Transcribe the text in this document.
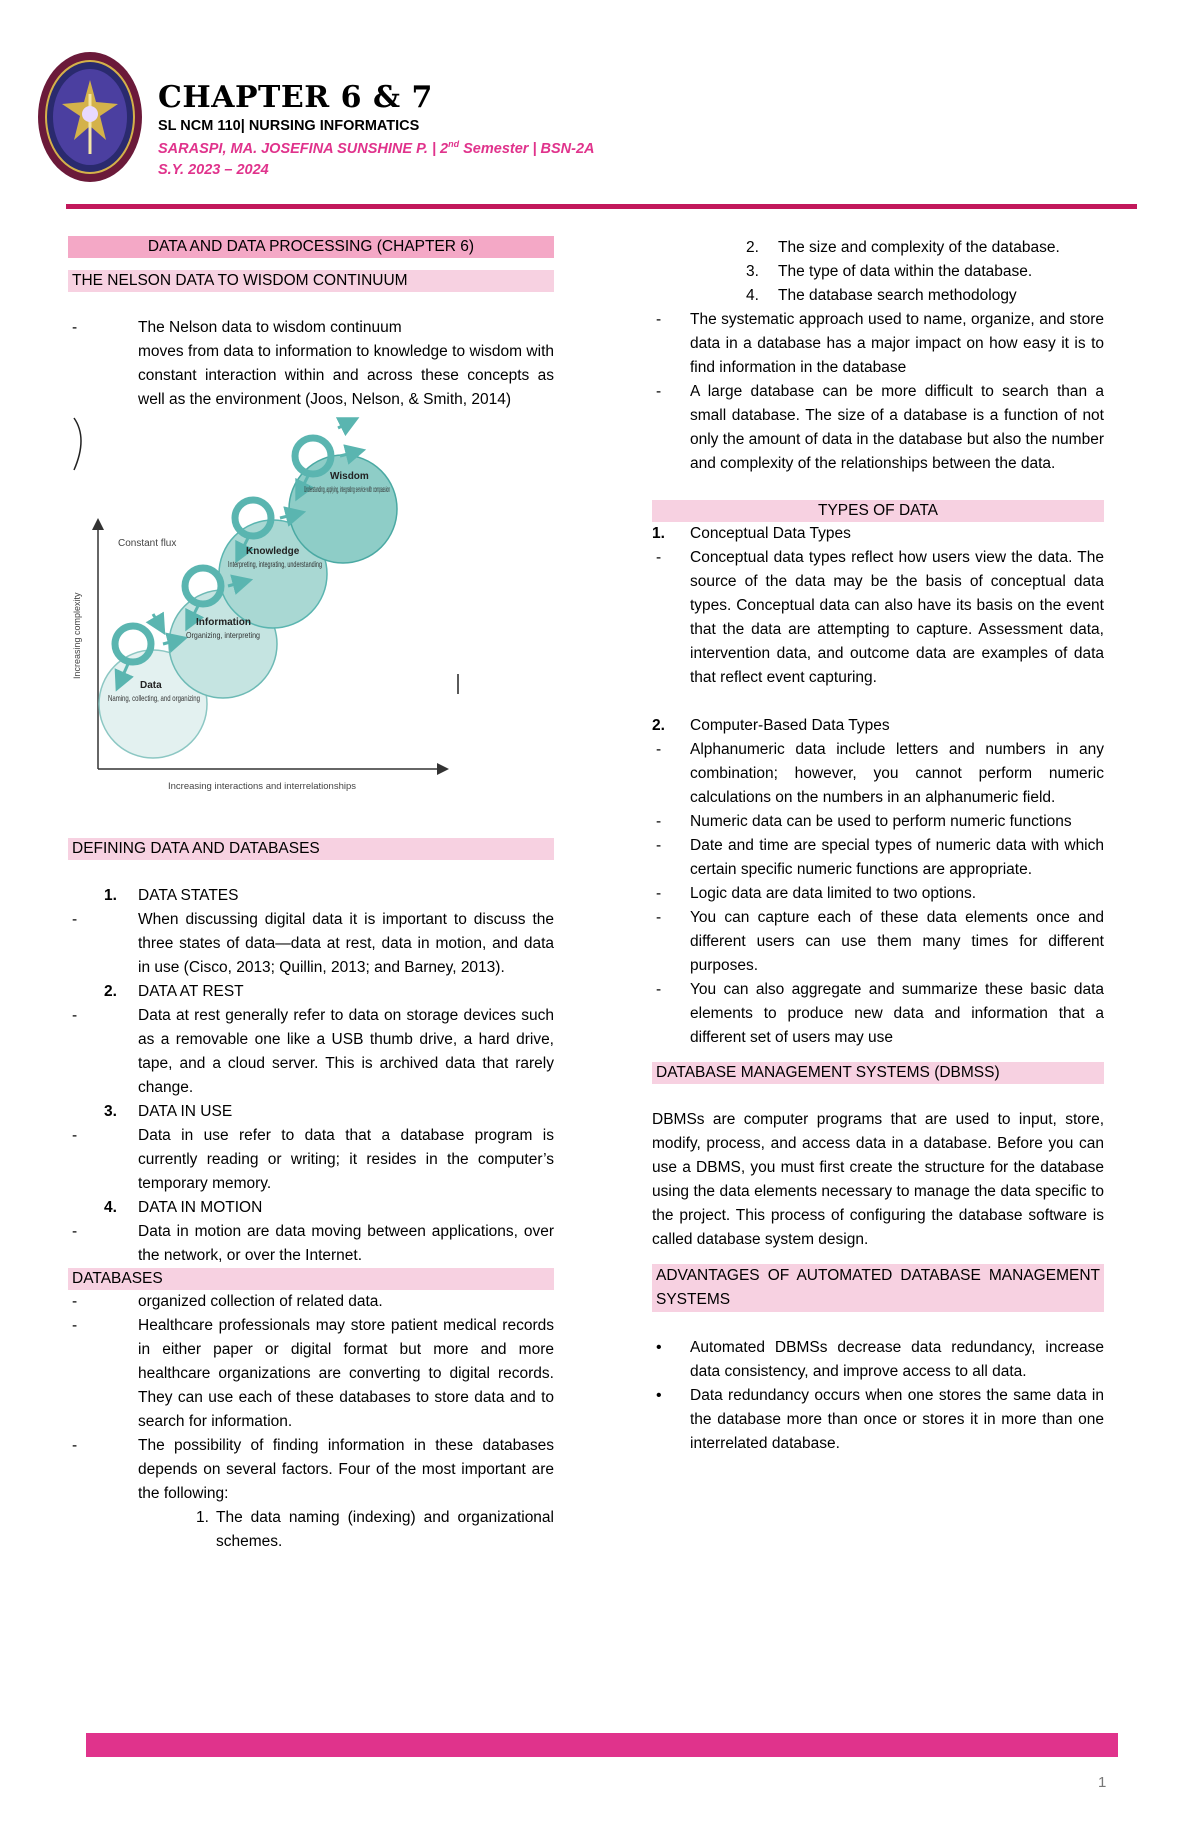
CHAPTER 6 & 7
SL NCM 110| NURSING INFORMATICS
SARASPI, MA. JOSEFINA SUNSHINE P. | 2nd Semester | BSN-2A
S.Y. 2023 – 2024
DATA AND DATA PROCESSING (CHAPTER 6)
THE NELSON DATA TO WISDOM CONTINUUM
-	The Nelson data to wisdom continuum
moves from data to information to knowledge to wisdom with constant interaction within and across these concepts as well as the environment (Joos, Nelson, & Smith, 2014)
Increasing complexity
Increasing interactions and interrelationships
Constant flux
Data
Naming, collecting, and organizing
Information
Organizing, interpreting
Knowledge
Interpreting, integrating, understanding
Wisdom
Understanding, applying, integrating service with compassion
DEFINING DATA AND DATABASES
1.	DATA STATES
-	When discussing digital data it is important to discuss the three states of data—data at rest, data in motion, and data in use (Cisco, 2013; Quillin, 2013; and Barney, 2013).
2.	DATA AT REST
-	Data at rest generally refer to data on storage devices such as a removable one like a USB thumb drive, a hard drive, tape, and a cloud server. This is archived data that rarely change.
3.	DATA IN USE
-	Data in use refer to data that a database program is currently reading or writing; it resides in the computer’s temporary memory.
4.	DATA IN MOTION
-	Data in motion are data moving between applications, over the network, or over the Internet.
DATABASES
-	organized collection of related data.
-	Healthcare professionals may store patient medical records in either paper or digital format but more and more healthcare organizations are converting to digital records. They can use each of these databases to store data and to search for information.
-	The possibility of finding information in these databases depends on several factors. Four of the most important are the following:
1. The data naming (indexing) and organizational schemes.
2.	The size and complexity of the database.
3.	The type of data within the database.
4.	The database search methodology
-	The systematic approach used to name, organize, and store data in a database has a major impact on how easy it is to find information in the database
-	A large database can be more difficult to search than a small database. The size of a database is a function of not only the amount of data in the database but also the number and complexity of the relationships between the data.
TYPES OF DATA
1.	Conceptual Data Types
-	Conceptual data types reflect how users view the data. The source of the data may be the basis of conceptual data types. Conceptual data can also have its basis on the event that the data are attempting to capture. Assessment data, intervention data, and outcome data are examples of data that reflect event capturing.
2.	Computer-Based Data Types
-	Alphanumeric data include letters and numbers in any combination; however, you cannot perform numeric calculations on the numbers in an alphanumeric field.
-	Numeric data can be used to perform numeric functions
-	Date and time are special types of numeric data with which certain specific numeric functions are appropriate.
-	Logic data are data limited to two options.
-	You can capture each of these data elements once and different users can use them many times for different purposes.
-	You can also aggregate and summarize these basic data elements to produce new data and information that a different set of users may use
DATABASE MANAGEMENT SYSTEMS (DBMSS)

DBMSs are computer programs that are used to input, store, modify, process, and access data in a database. Before you can use a DBMS, you must first create the structure for the database using the data elements necessary to manage the data specific to the project. This process of configuring the database software is called database system design.

ADVANTAGES OF AUTOMATED DATABASE MANAGEMENT SYSTEMS
•	Automated DBMSs decrease data redundancy, increase data consistency, and improve access to all data.
•	Data redundancy occurs when one stores the same data in the database more than once or stores it in more than one interrelated database.
1
